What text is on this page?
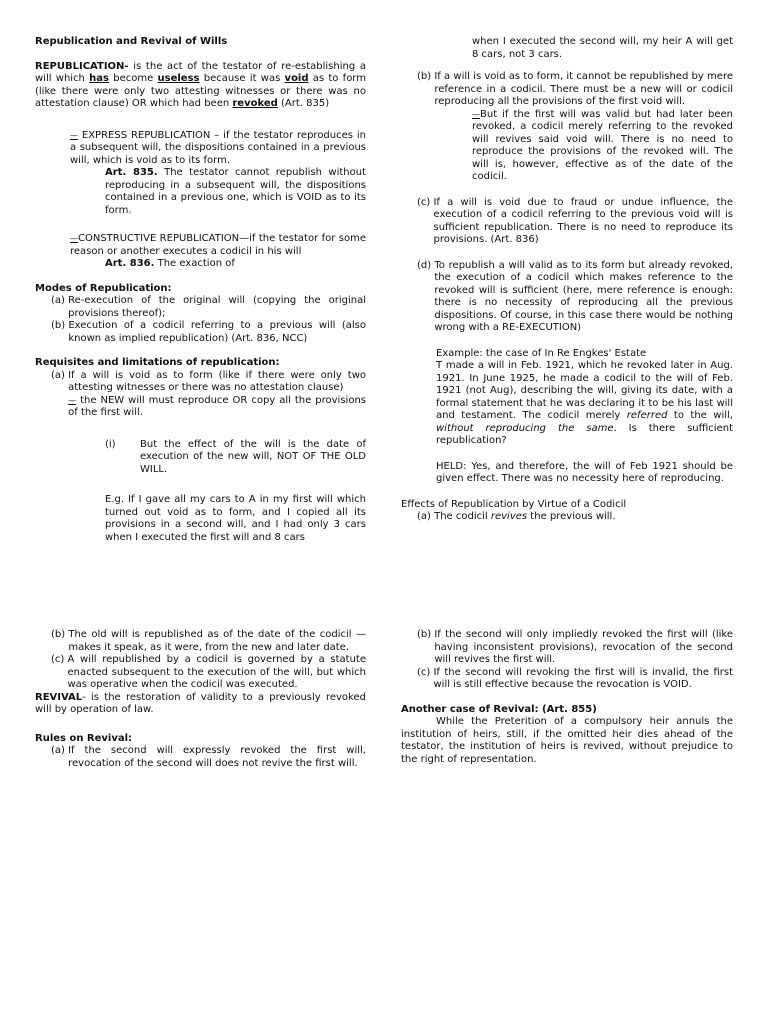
Republication and Revival of Wills

REPUBLICATION- is the act of the testator of re-establishing a will which has become useless because it was void as to form (like there were only two attesting witnesses or there was no attestation clause) OR which had been revoked (Art. 835)

— EXPRESS REPUBLICATION – if the testator reproduces in a subsequent will, the dispositions contained in a previous will, which is void as to its form.

Art. 835. The testator cannot republish without reproducing in a subsequent will, the dispositions contained in a previous one, which is VOID as to its form.

—CONSTRUCTIVE REPUBLICATION—if the testator for some reason or another executes a codicil in his will

Art. 836. The exaction of

Modes of Republication:

(a) Re-execution of the original will (copying the original provisions thereof);
(b) Execution of a codicil referring to a previous will (also known as implied republication) (Art. 836, NCC)

Requisites and limitations of republication:

(a) If a will is void as to form (like if there were only two attesting witnesses or there was no attestation clause)
— the NEW will must reproduce OR copy all the provisions of the first will.
(i)	But the effect of the will is the date of execution of the new will, NOT OF THE OLD WILL.

E.g. If I gave all my cars to A in my first will which turned out void as to form, and I copied all its provisions in a second will, and I had only 3 cars when I executed the first will and 8 cars

when I executed the second will, my heir A will get 8 cars, not 3 cars.

(b) If a will is void as to form, it cannot be republished by mere reference in a codicil. There must be a new will or codicil reproducing all the provisions of the first void will.

—But if the first will was valid but had later been revoked, a codicil merely referring to the revoked will revives said void will. There is no need to reproduce the provisions of the revoked will. The will is, however, effective as of the date of the codicil.

(c) If a will is void due to fraud or undue influence, the execution of a codicil referring to the previous void will is sufficient republication. There is no need to reproduce its provisions. (Art. 836)
(d) To republish a will valid as to its form but already revoked, the execution of a codicil which makes reference to the revoked will is sufficient (here, mere reference is enough: there is no necessity of reproducing all the previous dispositions. Of course, in this case there would be nothing wrong with a RE-EXECUTION)

Example: the case of In Re Engkes' Estate

T made a will in Feb. 1921, which he revoked later in Aug. 1921. In June 1925, he made a codicil to the will of Feb. 1921 (not Aug), describing the will, giving its date, with a formal statement that he was declaring it to be his last will and testament. The codicil merely referred to the will, without reproducing the same. Is there sufficient republication?

HELD: Yes, and therefore, the will of Feb 1921 should be given effect. There was no necessity here of reproducing.

Effects of Republication by Virtue of a Codicil

(a) The codicil revives the previous will.
(b) The old will is republished as of the date of the codicil —makes it speak, as it were, from the new and later date.
(c) A will republished by a codicil is governed by a statute enacted subsequent to the execution of the will, but which was operative when the codicil was executed.

REVIVAL- is the restoration of validity to a previously revoked will by operation of law.

Rules on Revival:

(a) If the second will expressly revoked the first will, revocation of the second will does not revive the first will.
(b) If the second will only impliedly revoked the first will (like having inconsistent provisions), revocation of the second will revives the first will.
(c) If the second will revoking the first will is invalid, the first will is still effective because the revocation is VOID.

Another case of Revival: (Art. 855)

While the Preterition of a compulsory heir annuls the institution of heirs, still, if the omitted heir dies ahead of the testator, the institution of heirs is revived, without prejudice to the right of representation.
